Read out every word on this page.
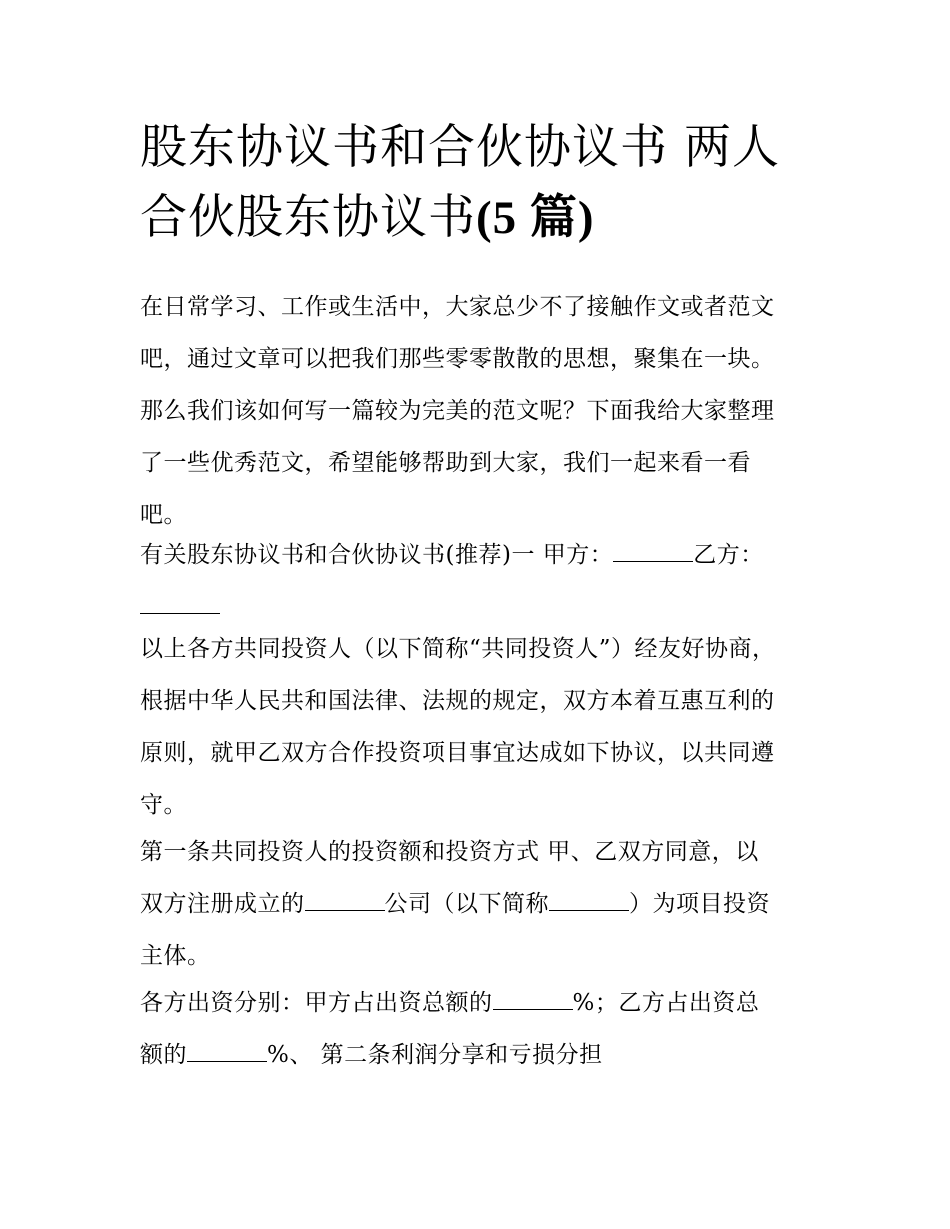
股东协议书和合伙协议书 两人
合伙股东协议书(5 篇)
在日常学习、工作或生活中，大家总少不了接触作文或者范文
吧，通过文章可以把我们那些零零散散的思想，聚集在一块。
那么我们该如何写一篇较为完美的范文呢？下面我给大家整理
了一些优秀范文，希望能够帮助到大家，我们一起来看一看
吧。
有关股东协议书和合伙协议书(推荐)一 甲方：	乙方：
以上各方共同投资人（以下简称“共同投资人”）经友好协商，
根据中华人民共和国法律、法规的规定，双方本着互惠互利的
原则，就甲乙双方合作投资项目事宜达成如下协议，以共同遵
守。
第一条共同投资人的投资额和投资方式 甲、乙双方同意，以
双方注册成立的	公司（以下简称	）为项目投资
主体。
各方出资分别：甲方占出资总额的	%；乙方占出资总
额的	%、 第二条利润分享和亏损分担
